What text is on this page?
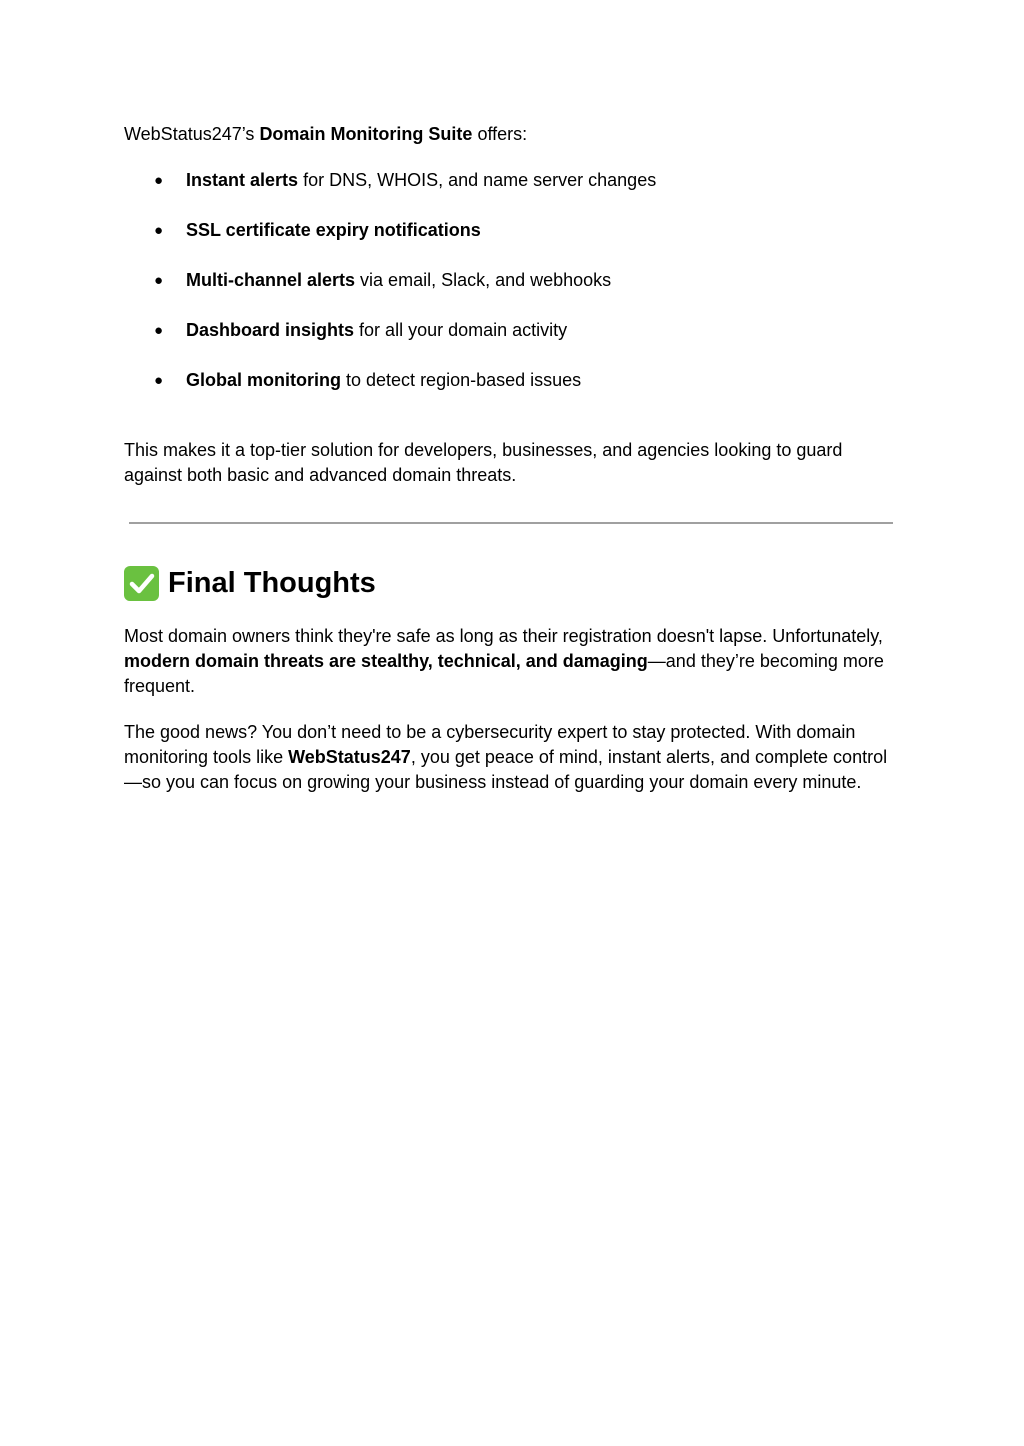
WebStatus247’s Domain Monitoring Suite offers:

● Instant alerts for DNS, WHOIS, and name server changes
● SSL certificate expiry notifications
● Multi-channel alerts via email, Slack, and webhooks
● Dashboard insights for all your domain activity
● Global monitoring to detect region-based issues

This makes it a top-tier solution for developers, businesses, and agencies looking to guard against both basic and advanced domain threats.

Final Thoughts

Most domain owners think they're safe as long as their registration doesn't lapse. Unfortunately, modern domain threats are stealthy, technical, and damaging—and they’re becoming more frequent.

The good news? You don’t need to be a cybersecurity expert to stay protected. With domain monitoring tools like WebStatus247, you get peace of mind, instant alerts, and complete control—so you can focus on growing your business instead of guarding your domain every minute.
